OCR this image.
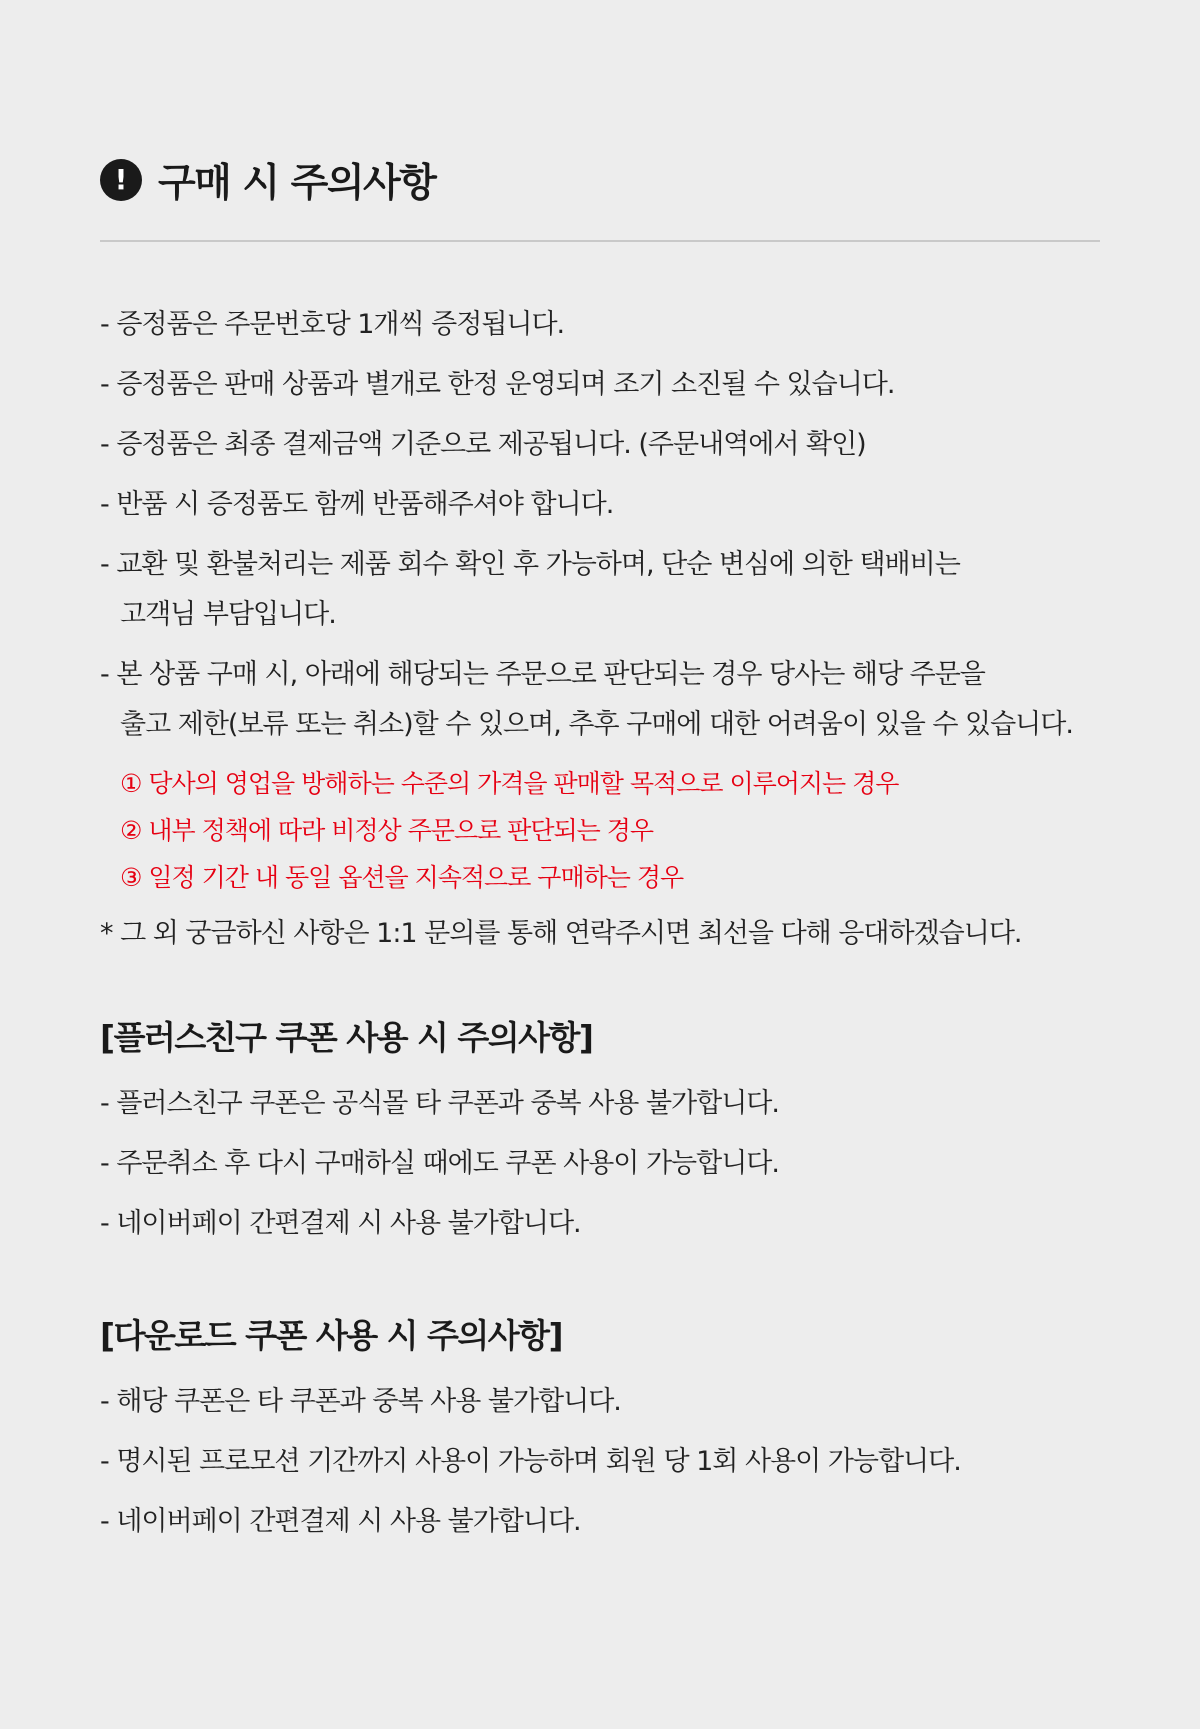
! 구매 시 주의사항
- 증정품은 주문번호당 1개씩 증정됩니다.
- 증정품은 판매 상품과 별개로 한정 운영되며 조기 소진될 수 있습니다.
- 증정품은 최종 결제금액 기준으로 제공됩니다. (주문내역에서 확인)
- 반품 시 증정품도 함께 반품해주셔야 합니다.
- 교환 및 환불처리는 제품 회수 확인 후 가능하며, 단순 변심에 의한 택배비는
고객님 부담입니다.
- 본 상품 구매 시, 아래에 해당되는 주문으로 판단되는 경우 당사는 해당 주문을
출고 제한(보류 또는 취소)할 수 있으며, 추후 구매에 대한 어려움이 있을 수 있습니다.
① 당사의 영업을 방해하는 수준의 가격을 판매할 목적으로 이루어지는 경우
② 내부 정책에 따라 비정상 주문으로 판단되는 경우
③ 일정 기간 내 동일 옵션을 지속적으로 구매하는 경우
* 그 외 궁금하신 사항은 1:1 문의를 통해 연락주시면 최선을 다해 응대하겠습니다.
[플러스친구 쿠폰 사용 시 주의사항]
- 플러스친구 쿠폰은 공식몰 타 쿠폰과 중복 사용 불가합니다.
- 주문취소 후 다시 구매하실 때에도 쿠폰 사용이 가능합니다.
- 네이버페이 간편결제 시 사용 불가합니다.
[다운로드 쿠폰 사용 시 주의사항]
- 해당 쿠폰은 타 쿠폰과 중복 사용 불가합니다.
- 명시된 프로모션 기간까지 사용이 가능하며 회원 당 1회 사용이 가능합니다.
- 네이버페이 간편결제 시 사용 불가합니다.
